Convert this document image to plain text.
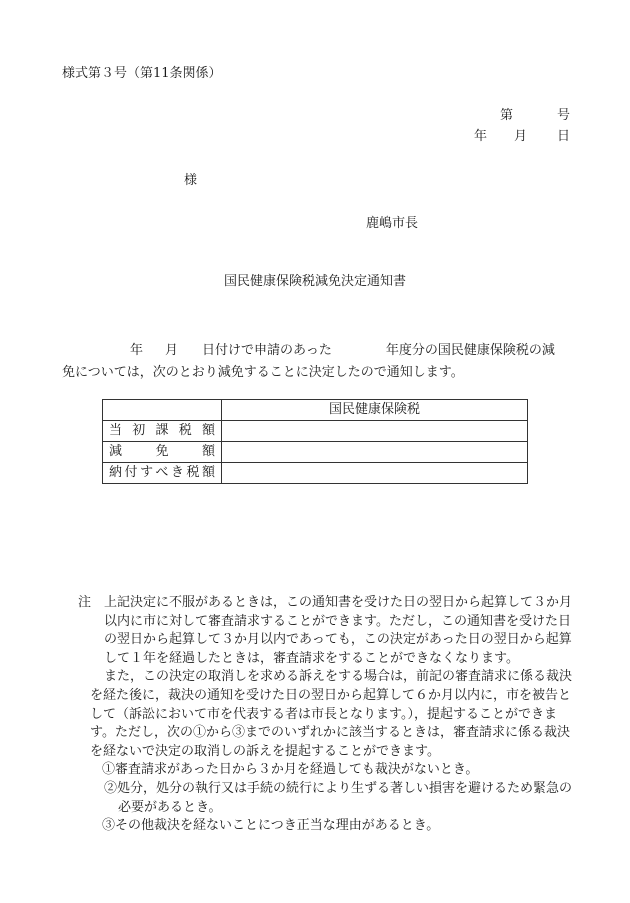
様式第３号（第11条関係）
第	号
年 月 日
様
鹿嶋市長
国民健康保険税減免決定通知書
年 月 日付けで申請のあった	年度分の国民健康保険税の減
免については，次のとおり減免することに決定したので通知します。
	国民健康保険税
当初課税額	
減　免　額	
納付すべき税額	

注　上記決定に不服があるときは，この通知書を受けた日の翌日から起算して３か月以内に市に対して審査請求することができます。ただし，この通知書を受けた日の翌日から起算して３か月以内であっても，この決定があった日の翌日から起算して１年を経過したときは，審査請求をすることができなくなります。

また，この決定の取消しを求める訴えをする場合は，前記の審査請求に係る裁決を経た後に，裁決の通知を受けた日の翌日から起算して６か月以内に，市を被告として（訴訟において市を代表する者は市長となります。），提起することができます。ただし，次の①から③までのいずれかに該当するときは，審査請求に係る裁決を経ないで決定の取消しの訴えを提起することができます。

①審査請求があった日から３か月を経過しても裁決がないとき。

②処分，処分の執行又は手続の続行により生ずる著しい損害を避けるため緊急の必要があるとき。

③その他裁決を経ないことにつき正当な理由があるとき。
